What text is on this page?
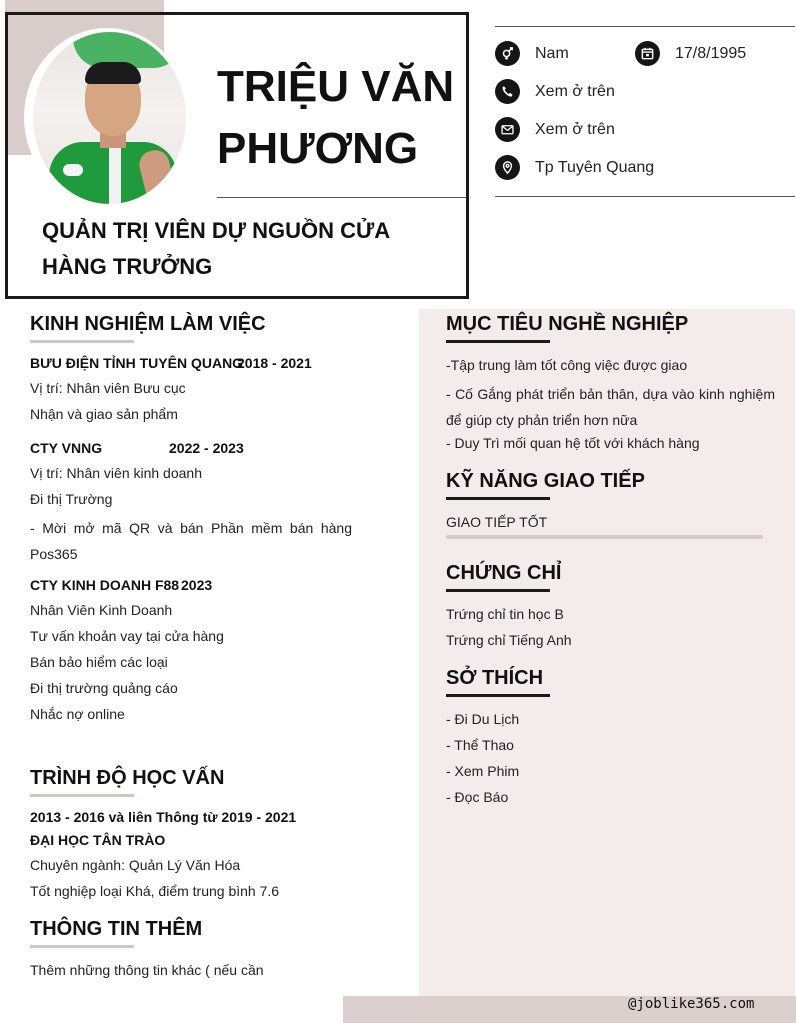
TRIỆU VĂN
PHƯƠNG
QUẢN TRỊ VIÊN DỰ NGUỒN CỬA
HÀNG TRƯỞNG
Nam	17/8/1995
Xem ở trên
Xem ở trên
Tp Tuyên Quang
KINH NGHIỆM LÀM VIỆC
BƯU ĐIỆN TỈNH TUYÊN QUANG
2018 - 2021
Vị trí: Nhân viên Bưu cục
Nhận và giao sản phẩm
CTY VNNG	2022 - 2023
Vị trí: Nhân viên kinh doanh
Đi thị Trường
- Mời mở mã QR và bán Phần mềm bán hàng Pos365
CTY KINH DOANH F88 2023
Nhân Viên Kinh Doanh
Tư vấn khoản vay tại cửa hàng
Bán bảo hiểm các loại
Đi thị trường quảng cáo
Nhắc nợ online
TRÌNH ĐỘ HỌC VẤN
2013 - 2016 và liên Thông từ 2019 - 2021
ĐẠI HỌC TÂN TRÀO
Chuyên ngành: Quản Lý Văn Hóa
Tốt nghiệp loại Khá, điểm trung bình 7.6
THÔNG TIN THÊM
Thêm những thông tin khác ( nếu cần
MỤC TIÊU NGHỀ NGHIỆP
-Tập trung làm tốt công việc được giao
- Cố Gắng phát triển bản thân, dựa vào kinh nghiệm để giúp cty phản triển hơn nữa
- Duy Trì mối quan hệ tốt với khách hàng
KỸ NĂNG GIAO TIẾP
GIAO TIẾP TỐT
CHỨNG CHỈ
Trứng chỉ tin học B
Trứng chỉ Tiếng Anh
SỞ THÍCH
- Đi Du Lịch
- Thể Thao
- Xem Phim
- Đọc Báo
@joblike365.com
